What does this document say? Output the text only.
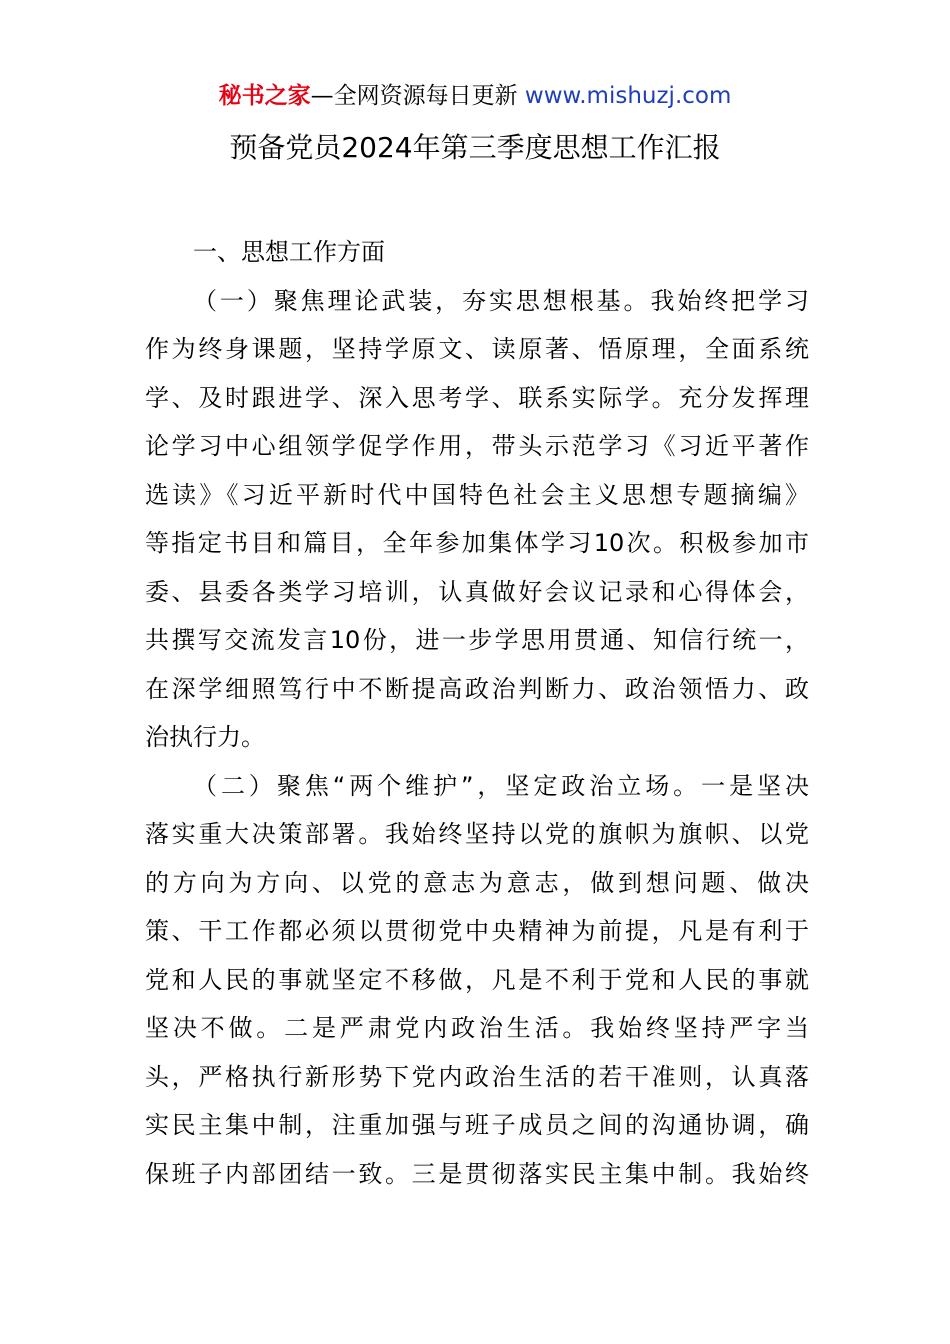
秘书之家—全网资源每日更新 www.mishuzj.com
预备党员2024年第三季度思想工作汇报
一、思想工作方面
（一）聚焦理论武装，夯实思想根基。我始终把学习
作为终身课题，坚持学原文、读原著、悟原理，全面系统
学、及时跟进学、深入思考学、联系实际学。充分发挥理
论学习中心组领学促学作用，带头示范学习《习近平著作
选读》《习近平新时代中国特色社会主义思想专题摘编》
等指定书目和篇目，全年参加集体学习10次。积极参加市
委、县委各类学习培训，认真做好会议记录和心得体会，
共撰写交流发言10份，进一步学思用贯通、知信行统一，
在深学细照笃行中不断提高政治判断力、政治领悟力、政
治执行力。
（二）聚焦“两个维护”，坚定政治立场。一是坚决
落实重大决策部署。我始终坚持以党的旗帜为旗帜、以党
的方向为方向、以党的意志为意志，做到想问题、做决
策、干工作都必须以贯彻党中央精神为前提，凡是有利于
党和人民的事就坚定不移做，凡是不利于党和人民的事就
坚决不做。二是严肃党内政治生活。我始终坚持严字当
头，严格执行新形势下党内政治生活的若干准则，认真落
实民主集中制，注重加强与班子成员之间的沟通协调，确
保班子内部团结一致。三是贯彻落实民主集中制。我始终
